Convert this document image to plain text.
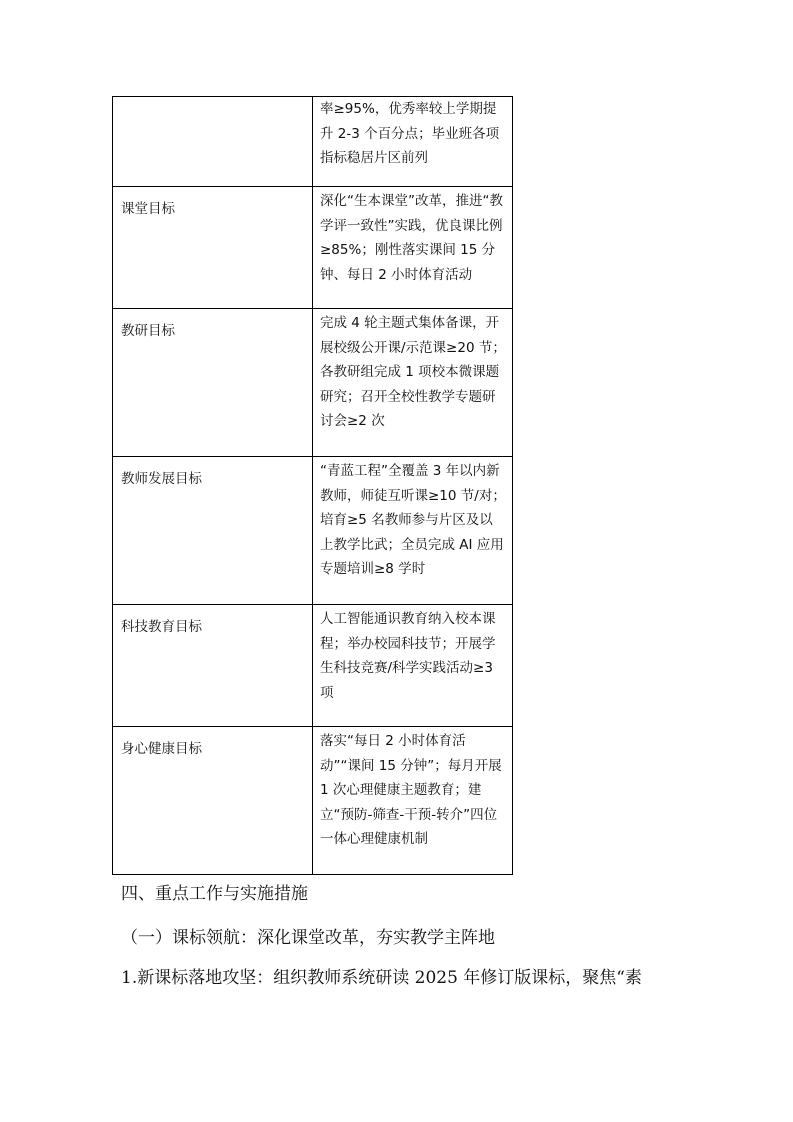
	率≥95%，优秀率较上学期提升 2-3 个百分点；毕业班各项指标稳居片区前列

课堂目标	深化“生本课堂”改革，推进“教学评一致性”实践，优良课比例≥85%；刚性落实课间 15 分钟、每日 2 小时体育活动

教研目标	完成 4 轮主题式集体备课，开展校级公开课/示范课≥20 节；各教研组完成 1 项校本微课题研究；召开全校性教学专题研讨会≥2 次

教师发展目标	“青蓝工程”全覆盖 3 年以内新教师，师徒互听课≥10 节/对；培育≥5 名教师参与片区及以上教学比武；全员完成 AI 应用专题培训≥8 学时

科技教育目标	人工智能通识教育纳入校本课程；举办校园科技节；开展学生科技竞赛/科学实践活动≥3 项

身心健康目标	落实“每日 2 小时体育活动”“课间 15 分钟”；每月开展 1 次心理健康主题教育；建立“预防-筛查-干预-转介”四位一体心理健康机制
四、重点工作与实施措施
（一）课标领航：深化课堂改革，夯实教学主阵地
1.新课标落地攻坚：组织教师系统研读 2025 年修订版课标，聚焦“素
